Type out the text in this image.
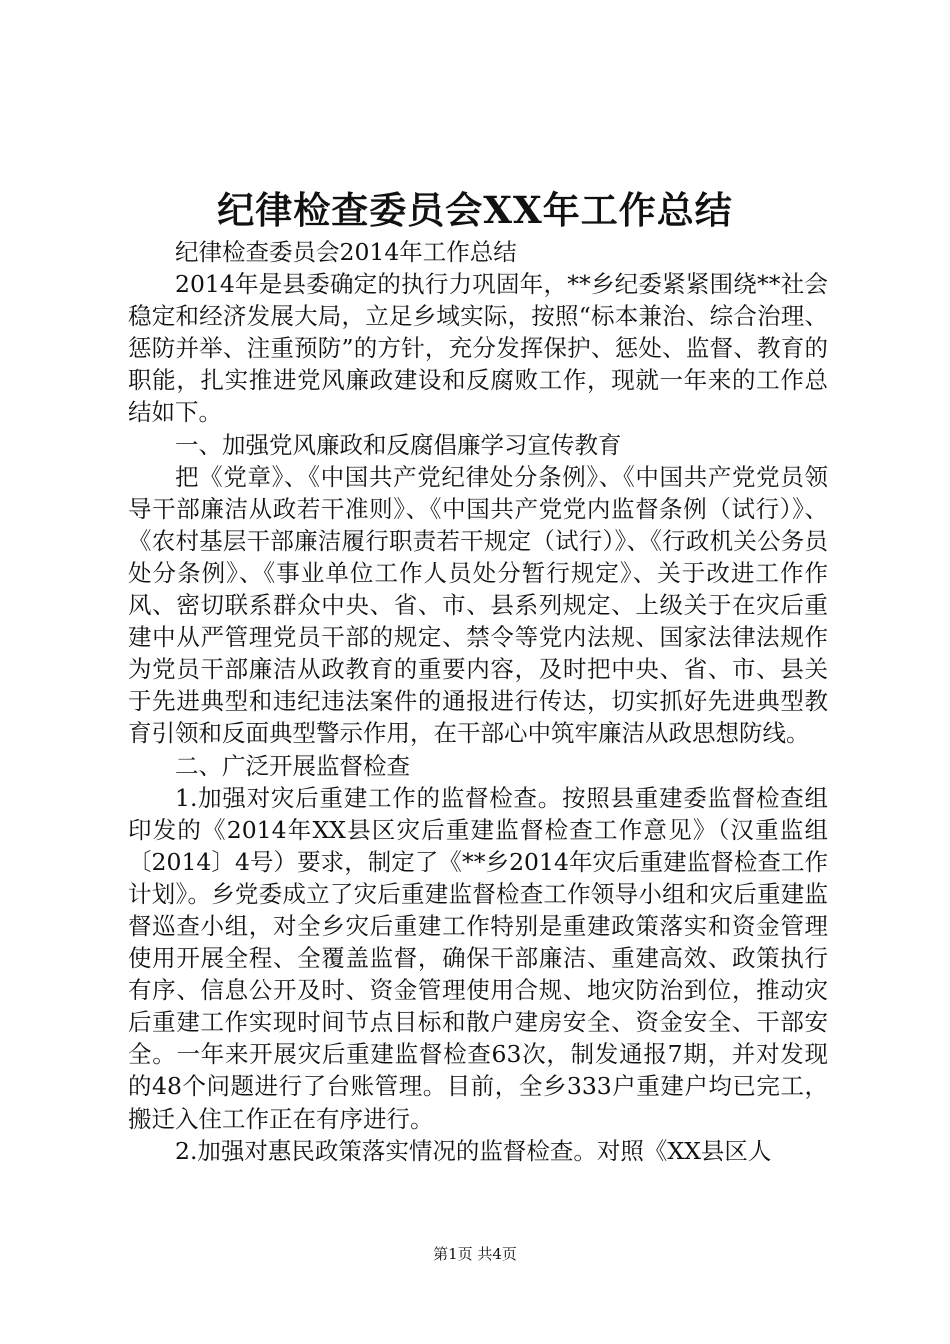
纪律检查委员会XX年工作总结

纪律检查委员会2014年工作总结

2014年是县委确定的执行力巩固年，**乡纪委紧紧围绕**社会稳定和经济发展大局，立足乡域实际，按照“标本兼治、综合治理、惩防并举、注重预防”的方针，充分发挥保护、惩处、监督、教育的职能，扎实推进党风廉政建设和反腐败工作，现就一年来的工作总结如下。

一、加强党风廉政和反腐倡廉学习宣传教育

把《党章》、《中国共产党纪律处分条例》、《中国共产党党员领导干部廉洁从政若干准则》、《中国共产党党内监督条例（试行）》、《农村基层干部廉洁履行职责若干规定（试行）》、《行政机关公务员处分条例》、《事业单位工作人员处分暂行规定》、关于改进工作作风、密切联系群众中央、省、市、县系列规定、上级关于在灾后重建中从严管理党员干部的规定、禁令等党内法规、国家法律法规作为党员干部廉洁从政教育的重要内容，及时把中央、省、市、县关于先进典型和违纪违法案件的通报进行传达，切实抓好先进典型教育引领和反面典型警示作用，在干部心中筑牢廉洁从政思想防线。

二、广泛开展监督检查

1.加强对灾后重建工作的监督检查。按照县重建委监督检查组印发的《2014年XX县区灾后重建监督检查工作意见》（汉重监组〔2014〕4号）要求，制定了《**乡2014年灾后重建监督检查工作计划》。乡党委成立了灾后重建监督检查工作领导小组和灾后重建监督巡查小组，对全乡灾后重建工作特别是重建政策落实和资金管理使用开展全程、全覆盖监督，确保干部廉洁、重建高效、政策执行有序、信息公开及时、资金管理使用合规、地灾防治到位，推动灾后重建工作实现时间节点目标和散户建房安全、资金安全、干部安全。一年来开展灾后重建监督检查63次，制发通报7期，并对发现的48个问题进行了台账管理。目前，全乡333户重建户均已完工，搬迁入住工作正在有序进行。

2.加强对惠民政策落实情况的监督检查。对照《XX县区人

第1页 共4页
